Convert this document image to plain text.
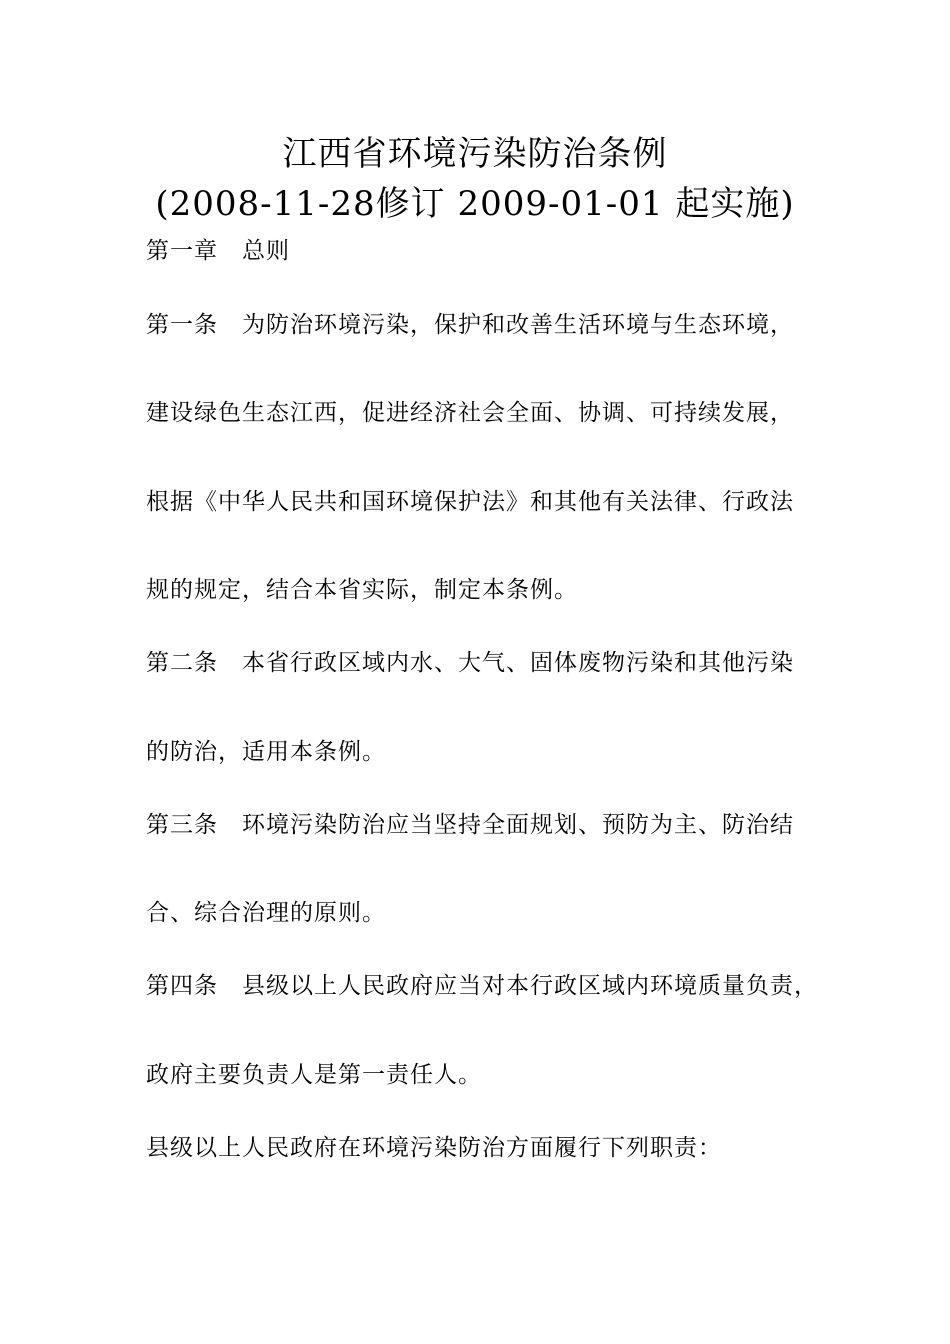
江西省环境污染防治条例
(2008-11-28修订 2009-01-01 起实施)
第一章 总则
第一条 为防治环境污染，保护和改善生活环境与生态环境，
建设绿色生态江西，促进经济社会全面、协调、可持续发展，
根据《中华人民共和国环境保护法》和其他有关法律、行政法
规的规定，结合本省实际，制定本条例。
第二条 本省行政区域内水、大气、固体废物污染和其他污染
的防治，适用本条例。
第三条 环境污染防治应当坚持全面规划、预防为主、防治结
合、综合治理的原则。
第四条 县级以上人民政府应当对本行政区域内环境质量负责，
政府主要负责人是第一责任人。
县级以上人民政府在环境污染防治方面履行下列职责：
